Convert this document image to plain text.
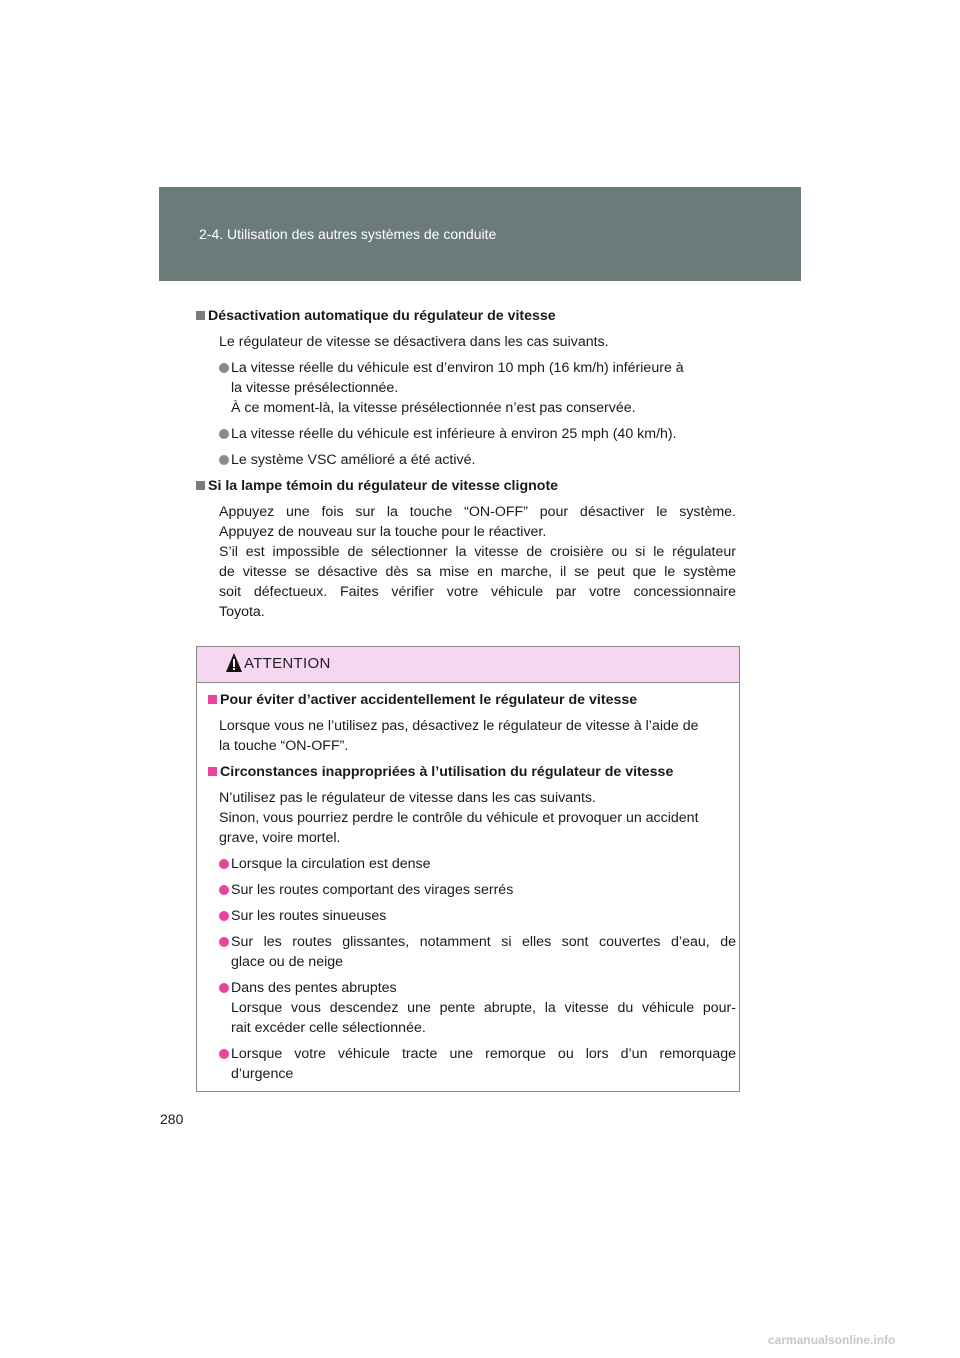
2-4. Utilisation des autres systèmes de conduite
Désactivation automatique du régulateur de vitesse
Le régulateur de vitesse se désactivera dans les cas suivants.
La vitesse réelle du véhicule est d’environ 10 mph (16 km/h) inférieure à
la vitesse présélectionnée.
À ce moment-là, la vitesse présélectionnée n’est pas conservée.
La vitesse réelle du véhicule est inférieure à environ 25 mph (40 km/h).
Le système VSC amélioré a été activé.
Si la lampe témoin du régulateur de vitesse clignote
Appuyez une fois sur la touche “ON-OFF” pour désactiver le système.
Appuyez de nouveau sur la touche pour le réactiver.
S’il est impossible de sélectionner la vitesse de croisière ou si le régulateur
de vitesse se désactive dès sa mise en marche, il se peut que le système
soit défectueux. Faites vérifier votre véhicule par votre concessionnaire
Toyota.
ATTENTION
Pour éviter d’activer accidentellement le régulateur de vitesse
Lorsque vous ne l’utilisez pas, désactivez le régulateur de vitesse à l’aide de
la touche “ON-OFF”.
Circonstances inappropriées à l’utilisation du régulateur de vitesse
N’utilisez pas le régulateur de vitesse dans les cas suivants.
Sinon, vous pourriez perdre le contrôle du véhicule et provoquer un accident
grave, voire mortel.
Lorsque la circulation est dense
Sur les routes comportant des virages serrés
Sur les routes sinueuses
Sur les routes glissantes, notamment si elles sont couvertes d’eau, de
glace ou de neige
Dans des pentes abruptes
Lorsque vous descendez une pente abrupte, la vitesse du véhicule pour-
rait excéder celle sélectionnée.
Lorsque votre véhicule tracte une remorque ou lors d’un remorquage
d’urgence
280
carmanualsonline.info
